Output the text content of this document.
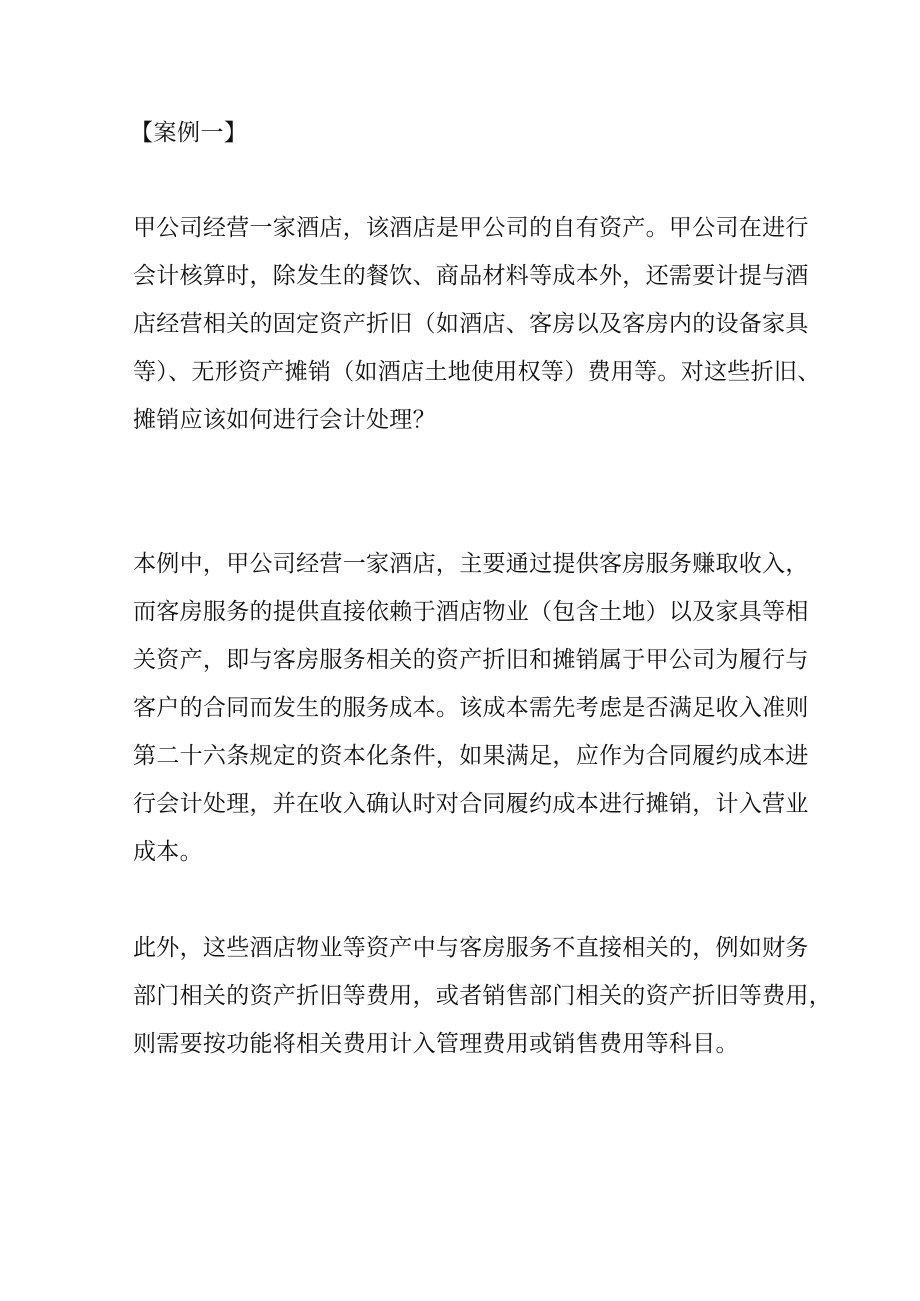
【案例一】
甲公司经营一家酒店，该酒店是甲公司的自有资产。甲公司在进行
会计核算时，除发生的餐饮、商品材料等成本外，还需要计提与酒
店经营相关的固定资产折旧（如酒店、客房以及客房内的设备家具
等）、无形资产摊销（如酒店土地使用权等）费用等。对这些折旧、
摊销应该如何进行会计处理？
本例中，甲公司经营一家酒店，主要通过提供客房服务赚取收入，
而客房服务的提供直接依赖于酒店物业（包含土地）以及家具等相
关资产，即与客房服务相关的资产折旧和摊销属于甲公司为履行与
客户的合同而发生的服务成本。该成本需先考虑是否满足收入准则
第二十六条规定的资本化条件，如果满足，应作为合同履约成本进
行会计处理，并在收入确认时对合同履约成本进行摊销，计入营业
成本。
此外，这些酒店物业等资产中与客房服务不直接相关的，例如财务
部门相关的资产折旧等费用，或者销售部门相关的资产折旧等费用，
则需要按功能将相关费用计入管理费用或销售费用等科目。
